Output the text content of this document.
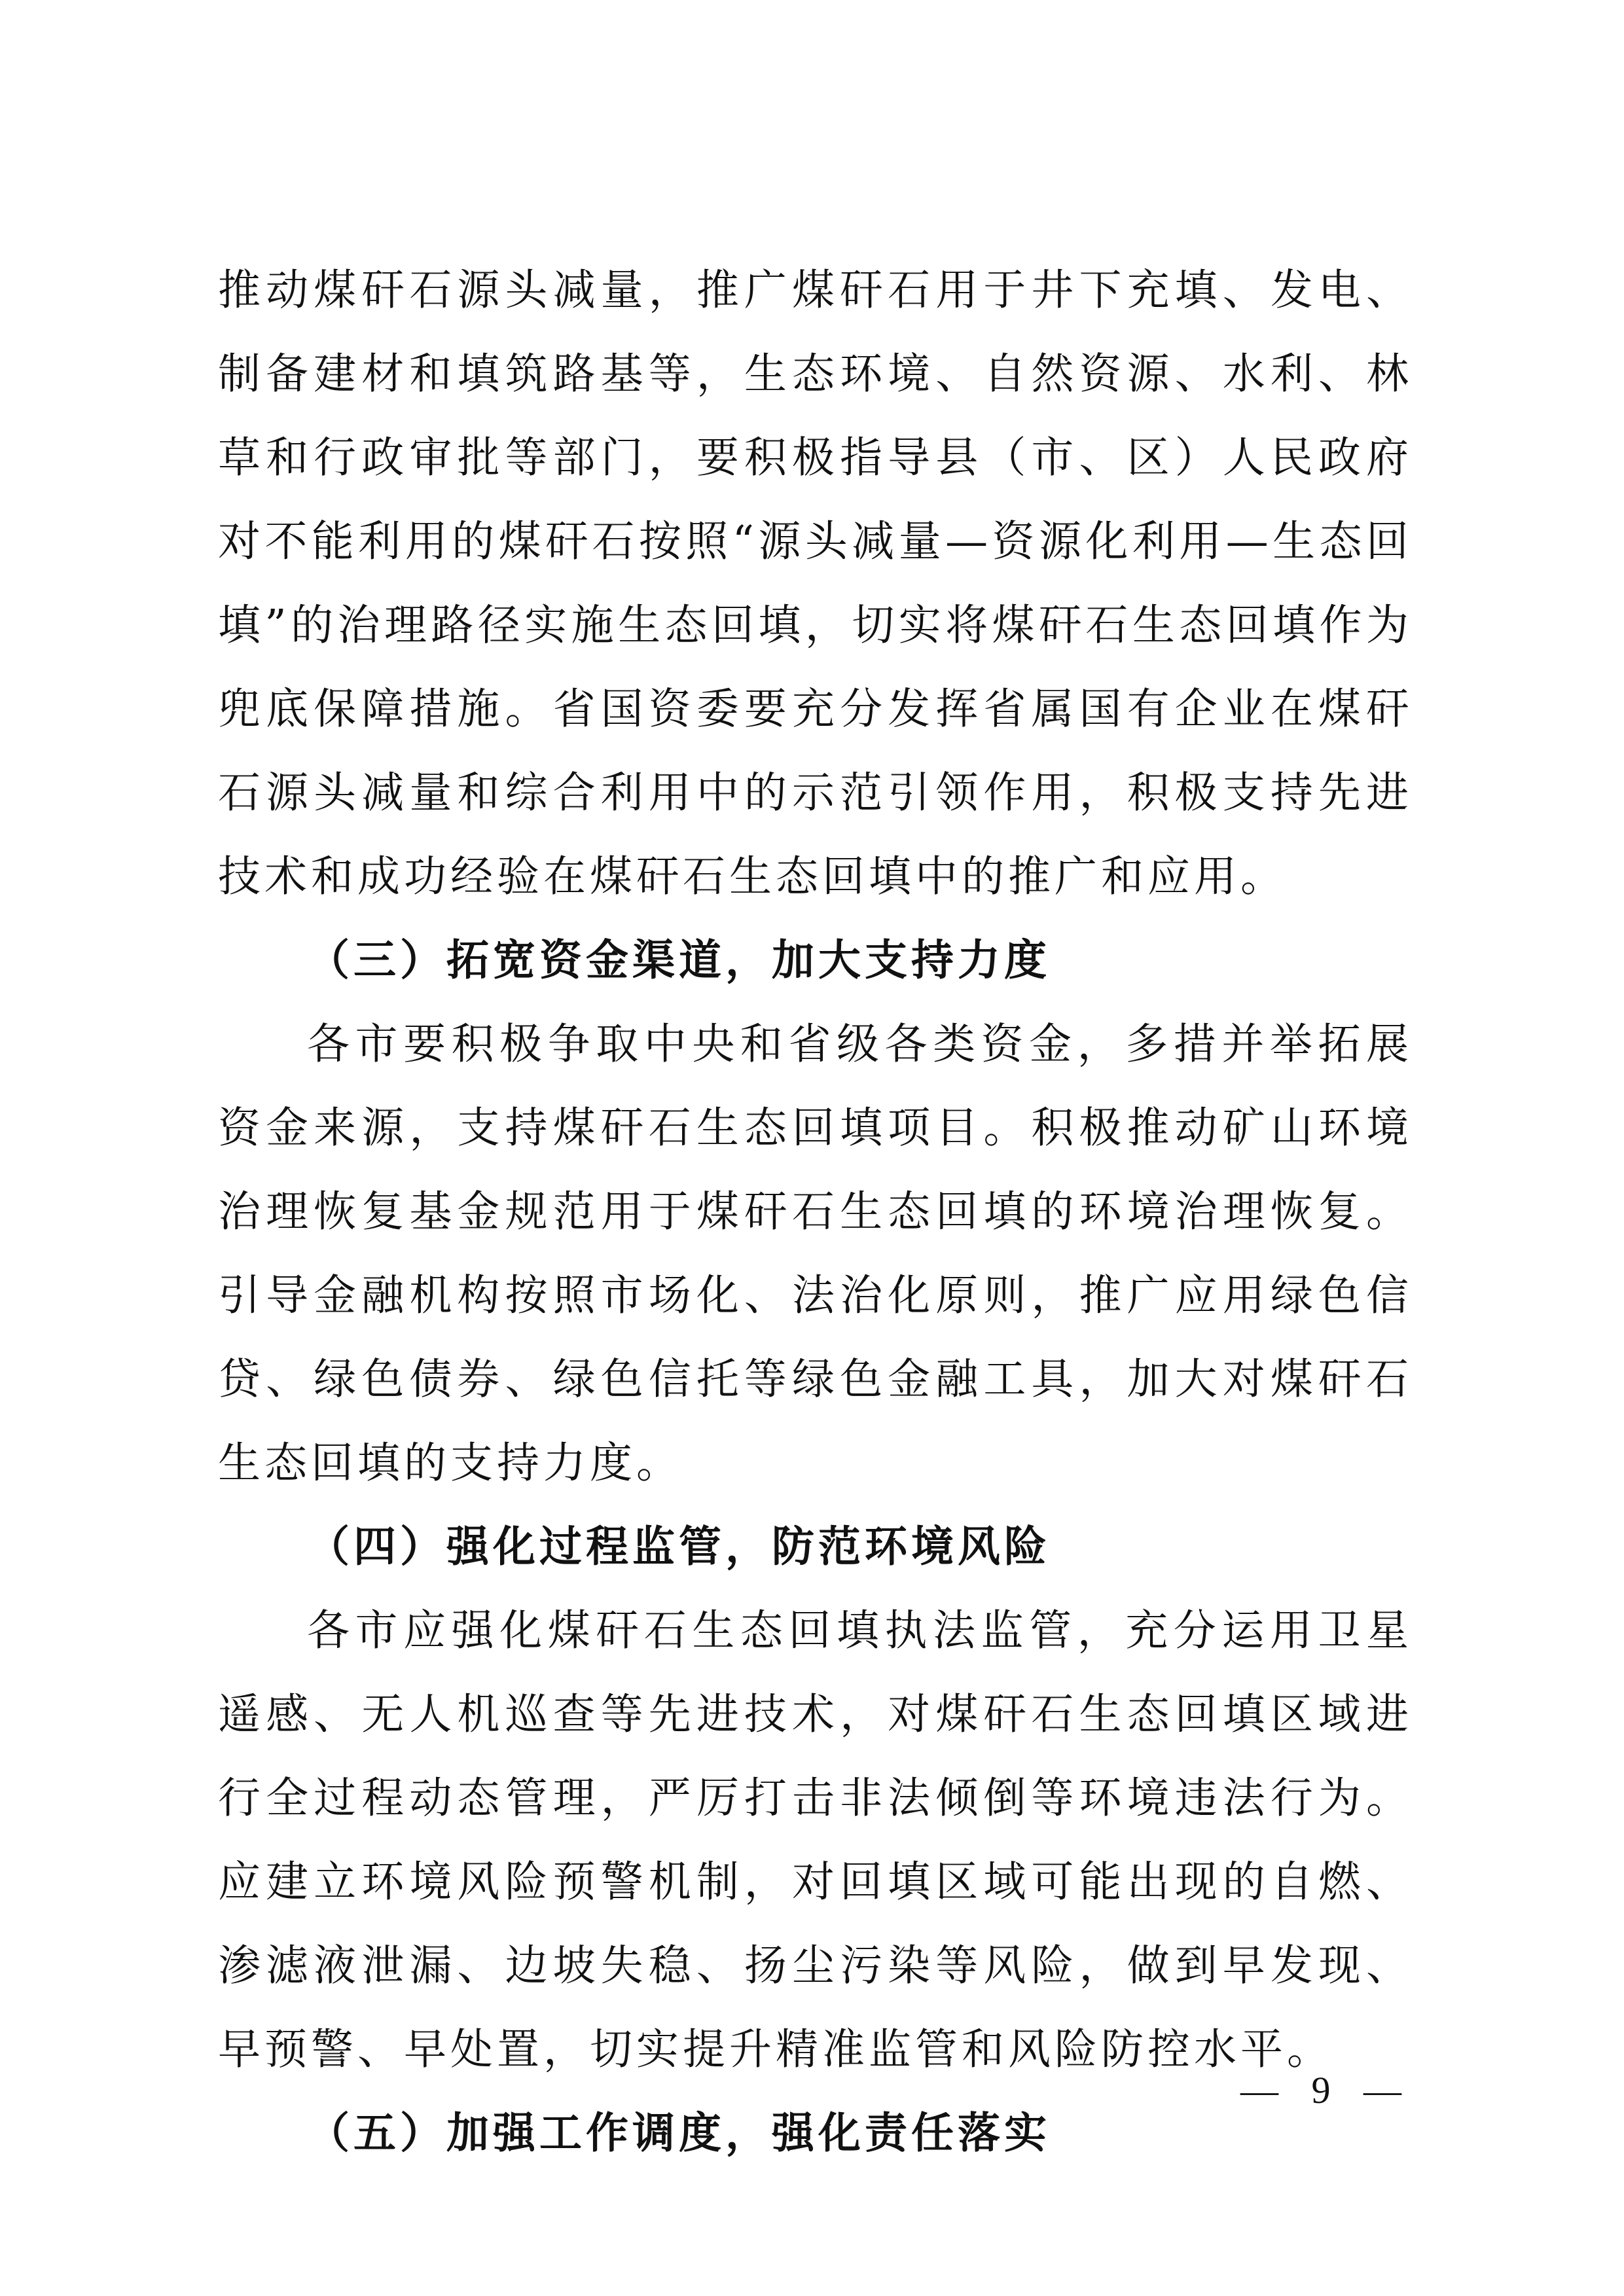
推动煤矸石源头减量，推广煤矸石用于井下充填、发电、制备建材和填筑路基等，生态环境、自然资源、水利、林草和行政审批等部门，要积极指导县（市、区）人民政府对不能利用的煤矸石按照“源头减量—资源化利用—生态回填”的治理路径实施生态回填，切实将煤矸石生态回填作为兜底保障措施。省国资委要充分发挥省属国有企业在煤矸石源头减量和综合利用中的示范引领作用，积极支持先进技术和成功经验在煤矸石生态回填中的推广和应用。

（三）拓宽资金渠道，加大支持力度

各市要积极争取中央和省级各类资金，多措并举拓展资金来源，支持煤矸石生态回填项目。积极推动矿山环境治理恢复基金规范用于煤矸石生态回填的环境治理恢复。引导金融机构按照市场化、法治化原则，推广应用绿色信贷、绿色债券、绿色信托等绿色金融工具，加大对煤矸石生态回填的支持力度。

（四）强化过程监管，防范环境风险

各市应强化煤矸石生态回填执法监管，充分运用卫星遥感、无人机巡查等先进技术，对煤矸石生态回填区域进行全过程动态管理，严厉打击非法倾倒等环境违法行为。应建立环境风险预警机制，对回填区域可能出现的自燃、渗滤液泄漏、边坡失稳、扬尘污染等风险，做到早发现、早预警、早处置，切实提升精准监管和风险防控水平。

（五）加强工作调度，强化责任落实

— 9 —
